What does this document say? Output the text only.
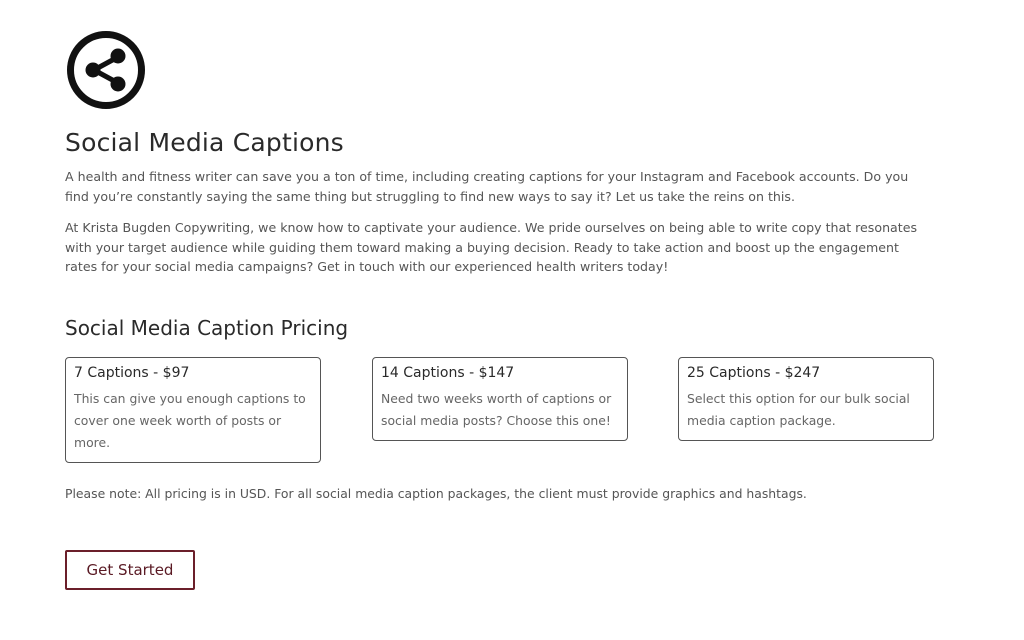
Social Media Captions

A health and fitness writer can save you a ton of time, including creating captions for your Instagram and Facebook accounts. Do you find you’re constantly saying the same thing but struggling to find new ways to say it? Let us take the reins on this.

At Krista Bugden Copywriting, we know how to captivate your audience. We pride ourselves on being able to write copy that resonates with your target audience while guiding them toward making a buying decision. Ready to take action and boost up the engagement rates for your social media campaigns? Get in touch with our experienced health writers today!

Social Media Caption Pricing
7 Captions - $97

This can give you enough captions to cover one week worth of posts or more.

14 Captions - $147

Need two weeks worth of captions or social media posts? Choose this one!

25 Captions - $247

Select this option for our bulk social media caption package.

Please note: All pricing is in USD. For all social media caption packages, the client must provide graphics and hashtags.

Get Started
